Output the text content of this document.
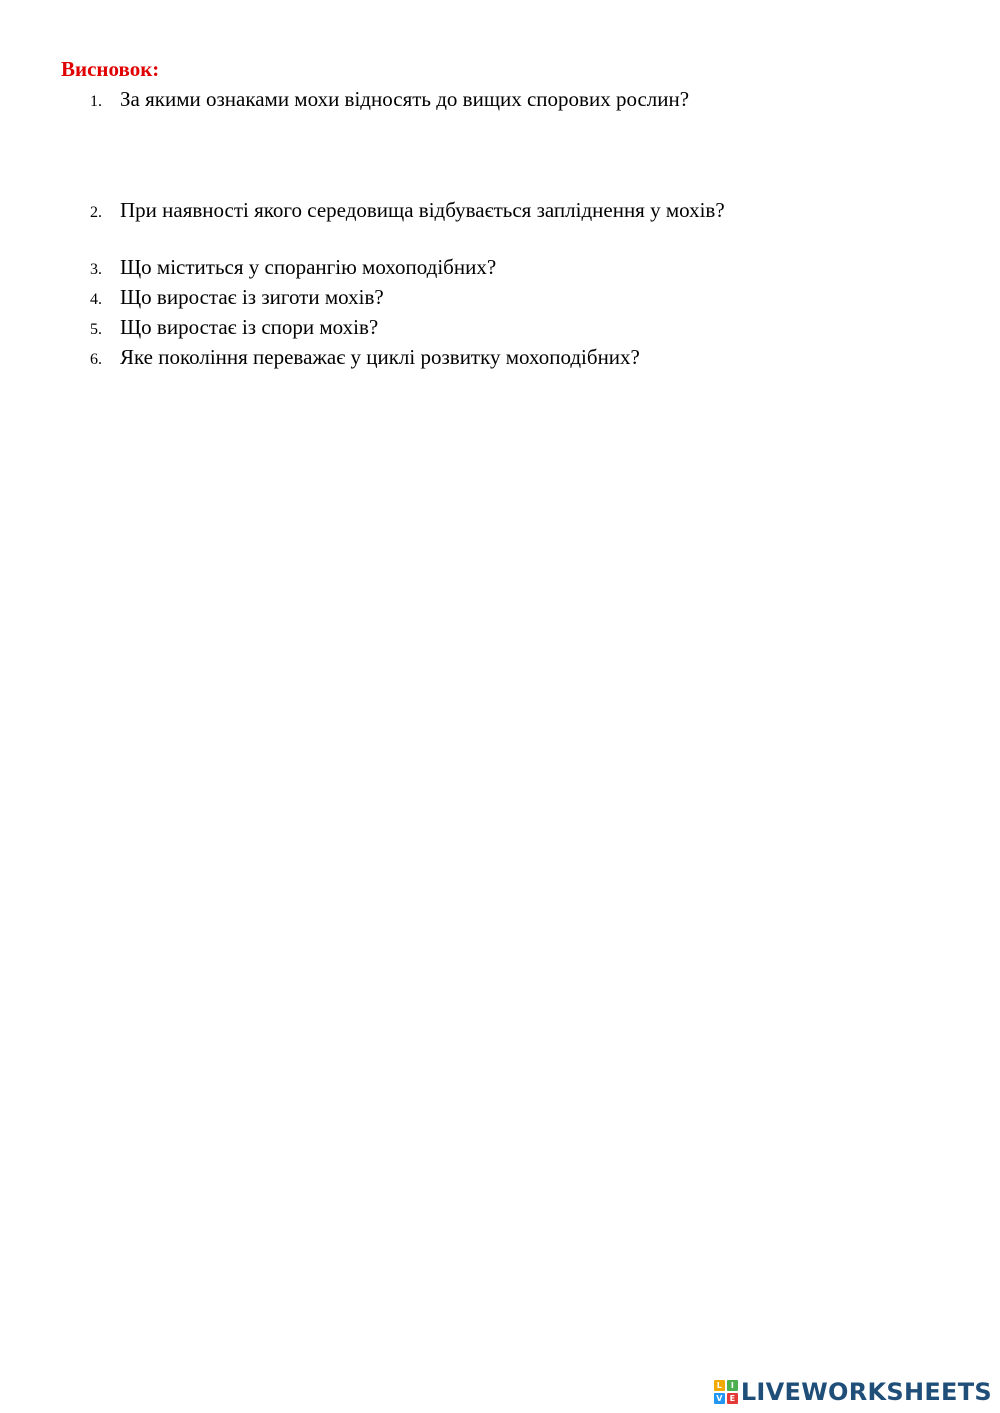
Висновок:
1. За якими ознаками мохи відносять до вищих спорових рослин?
2. При наявності якого середовища відбувається запліднення у мохів?
3. Що міститься у спорангію мохоподібних?
4. Що виростає із зиготи мохів?
5. Що виростає із спори мохів?
6. Яке покоління переважає у циклі розвитку мохоподібних?
L	I
V E LIVEWORKSHEETS
